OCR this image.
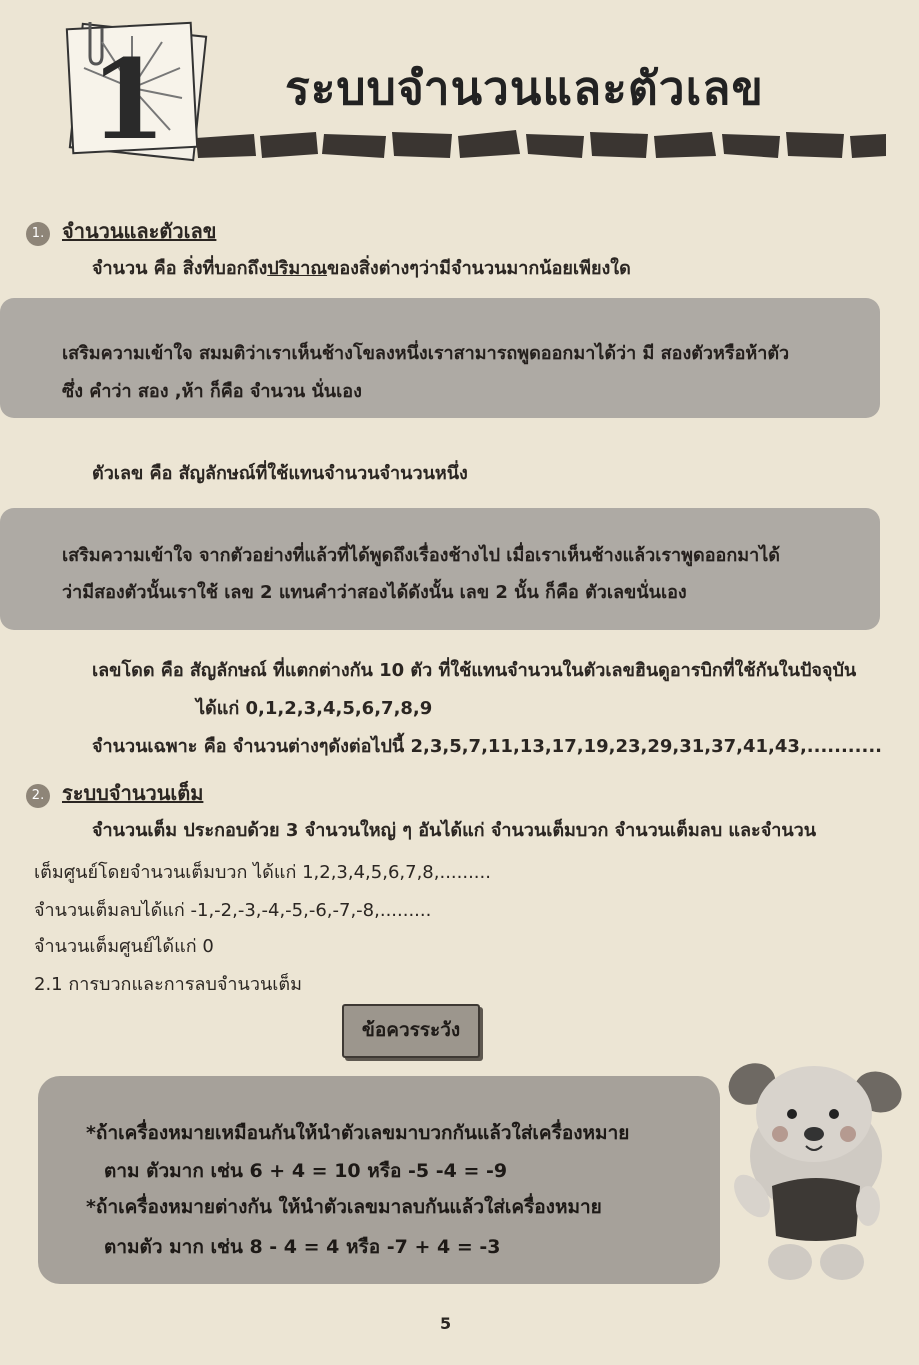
1	ระบบจำนวนและตัวเลข
1. จำนวนและตัวเลข
จำนวน คือ สิ่งที่บอกถึงปริมาณของสิ่งต่างๆว่ามีจำนวนมากน้อยเพียงใด
เสริมความเข้าใจ สมมติว่าเราเห็นช้างโขลงหนึ่งเราสามารถพูดออกมาได้ว่า มี สองตัวหรือห้าตัว
ซึ่ง คำว่า สอง ,ห้า ก็คือ จำนวน นั่นเอง
ตัวเลข คือ สัญลักษณ์ที่ใช้แทนจำนวนจำนวนหนึ่ง
เสริมความเข้าใจ จากตัวอย่างที่แล้วที่ได้พูดถึงเรื่องช้างไป เมื่อเราเห็นช้างแล้วเราพูดออกมาได้
ว่ามีสองตัวนั้นเราใช้ เลข 2 แทนคำว่าสองได้ดังนั้น เลข 2 นั้น ก็คือ ตัวเลขนั่นเอง
เลขโดด คือ สัญลักษณ์ ที่แตกต่างกัน 10 ตัว ที่ใช้แทนจำนวนในตัวเลขฮินดูอารบิกที่ใช้กันในปัจจุบัน
ได้แก่ 0,1,2,3,4,5,6,7,8,9
จำนวนเฉพาะ คือ จำนวนต่างๆดังต่อไปนี้ 2,3,5,7,11,13,17,19,23,29,31,37,41,43,...........
2. ระบบจำนวนเต็ม
จำนวนเต็ม ประกอบด้วย 3 จำนวนใหญ่ ๆ อันได้แก่ จำนวนเต็มบวก จำนวนเต็มลบ และจำนวน
เต็มศูนย์โดยจำนวนเต็มบวก ได้แก่ 1,2,3,4,5,6,7,8,.........
จำนวนเต็มลบได้แก่ -1,-2,-3,-4,-5,-6,-7,-8,.........
จำนวนเต็มศูนย์ได้แก่ 0
2.1 การบวกและการลบจำนวนเต็ม
ข้อควรระวัง
*ถ้าเครื่องหมายเหมือนกันให้นำตัวเลขมาบวกกันแล้วใส่เครื่องหมาย
ตาม ตัวมาก เช่น 6 + 4 = 10 หรือ -5 -4 = -9
*ถ้าเครื่องหมายต่างกัน ให้นำตัวเลขมาลบกันแล้วใส่เครื่องหมาย
ตามตัว มาก เช่น 8 - 4 = 4 หรือ -7 + 4 = -3
5
